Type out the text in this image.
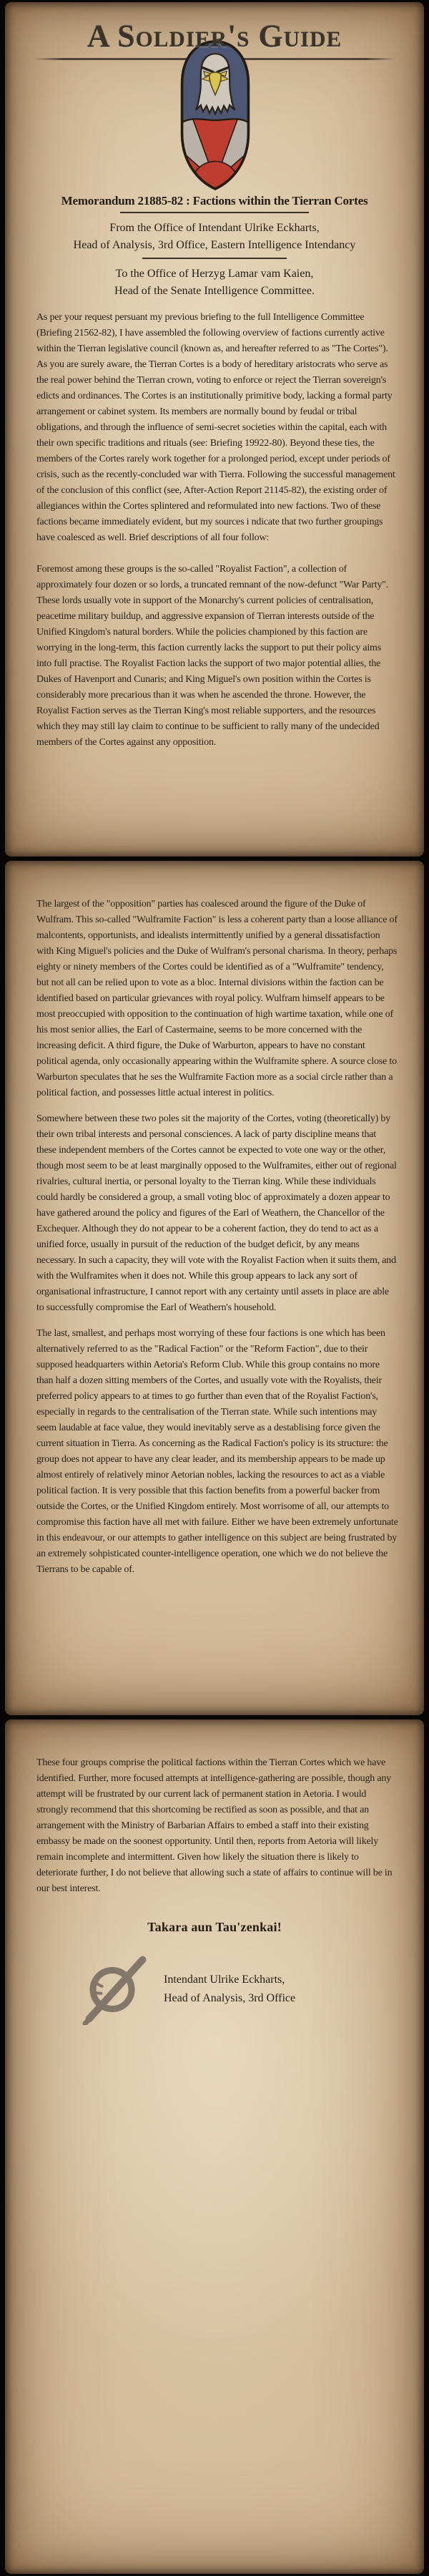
A Soldier's Guide
Memorandum 21885-82 : Factions within the Tierran Cortes
From the Office of Intendant Ulrike Eckharts,
Head of Analysis, 3rd Office, Eastern Intelligence Intendancy
To the Office of Herzyg Lamar vam Kaien,
Head of the Senate Intelligence Committee.

As per your request persuant my previous briefing to the full Intelligence Committee (Briefing 21562-82), I have assembled the following overview of factions currently active within the Tierran legislative council (known as, and hereafter referred to as "The Cortes"). As you are surely aware, the Tierran Cortes is a body of hereditary aristocrats who serve as the real power behind the Tierran crown, voting to enforce or reject the Tierran sovereign's edicts and ordinances. The Cortes is an institutionally primitive body, lacking a formal party arrangement or cabinet system. Its members are normally bound by feudal or tribal obligations, and through the influence of semi-secret societies within the capital, each with their own specific traditions and rituals (see: Briefing 19922-80). Beyond these ties, the members of the Cortes rarely work together for a prolonged period, except under periods of crisis, such as the recently-concluded war with Tierra. Following the successful management of the conclusion of this conflict (see, After-Action Report 21145-82), the existing order of allegiances within the Cortes splintered and reformulated into new factions. Two of these factions became immediately evident, but my sources i ndicate that two further groupings have coalesced as well. Brief descriptions of all four follow:

Foremost among these groups is the so-called "Royalist Faction", a collection of approximately four dozen or so lords, a truncated remnant of the now-defunct "War Party". These lords usually vote in support of the Monarchy's current policies of centralisation, peacetime military buildup, and aggressive expansion of Tierran interests outside of the Unified Kingdom's natural borders. While the policies championed by this faction are worrying in the long-term, this faction currently lacks the support to put their policy aims into full practise. The Royalist Faction lacks the support of two major potential allies, the Dukes of Havenport and Cunaris; and King Miguel's own position within the Cortes is considerably more precarious than it was when he ascended the throne. However, the Royalist Faction serves as the Tierran King's most reliable supporters, and the resources which they may still lay claim to continue to be sufficient to rally many of the undecided members of the Cortes against any opposition.

The largest of the "opposition" parties has coalesced around the figure of the Duke of Wulfram. This so-called "Wulframite Faction" is less a coherent party than a loose alliance of malcontents, opportunists, and idealists intermittently unified by a general dissatisfaction with King Miguel's policies and the Duke of Wulfram's personal charisma. In theory, perhaps eighty or ninety members of the Cortes could be identified as of a "Wulframite" tendency, but not all can be relied upon to vote as a bloc. Internal divisions within the faction can be identified based on particular grievances with royal policy. Wulfram himself appears to be most preoccupied with opposition to the continuation of high wartime taxation, while one of his most senior allies, the Earl of Castermaine, seems to be more concerned with the increasing deficit. A third figure, the Duke of Warburton, appears to have no constant political agenda, only occasionally appearing within the Wulframite sphere. A source close to Warburton speculates that he ses the Wulframite Faction more as a social circle rather than a political faction, and possesses little actual interest in politics.

Somewhere between these two poles sit the majority of the Cortes, voting (theoretically) by their own tribal interests and personal consciences. A lack of party discipline means that these independent members of the Cortes cannot be expected to vote one way or the other, though most seem to be at least marginally opposed to the Wulframites, either out of regional rivalries, cultural inertia, or personal loyalty to the Tierran king. While these individuals could hardly be considered a group, a small voting bloc of approximately a dozen appear to have gathered around the policy and figures of the Earl of Weathern, the Chancellor of the Exchequer. Although they do not appear to be a coherent faction, they do tend to act as a unified force, usually in pursuit of the reduction of the budget deficit, by any means necessary. In such a capacity, they will vote with the Royalist Faction when it suits them, and with the Wulframites when it does not. While this group appears to lack any sort of organisational infrastructure, I cannot report with any certainty until assets in place are able to successfully compromise the Earl of Weathern's household.

The last, smallest, and perhaps most worrying of these four factions is one which has been alternatively referred to as the "Radical Faction" or the "Reform Faction", due to their supposed headquarters within Aetoria's Reform Club. While this group contains no more than half a dozen sitting members of the Cortes, and usually vote with the Royalists, their preferred policy appears to at times to go further than even that of the Royalist Faction's, especially in regards to the centralisation of the Tierran state. While such intentions may seem laudable at face value, they would inevitably serve as a destablising force given the current situation in Tierra. As concerning as the Radical Faction's policy is its structure: the group does not appear to have any clear leader, and its membership appears to be made up almost entirely of relatively minor Aetorian nobles, lacking the resources to act as a viable political faction. It is very possible that this faction benefits from a powerful backer from outside the Cortes, or the Unified Kingdom entirely. Most worrisome of all, our attempts to compromise this faction have all met with failure. Either we have been extremely unfortunate in this endeavour, or our attempts to gather intelligence on this subject are being frustrated by an extremely sohpisticated counter-intelligence operation, one which we do not believe the Tierrans to be capable of.

These four groups comprise the political factions within the Tierran Cortes which we have identified. Further, more focused attempts at intelligence-gathering are possible, though any attempt will be frustrated by our current lack of permanent station in Aetoria. I would strongly recommend that this shortcoming be rectified as soon as possible, and that an arrangement with the Ministry of Barbarian Affairs to embed a staff into their existing embassy be made on the soonest opportunity. Until then, reports from Aetoria will likely remain incomplete and intermittent. Given how likely the situation there is likely to deteriorate further, I do not believe that allowing such a state of affairs to continue will be in our best interest.

Takara aun Tau'zenkai!
Intendant Ulrike Eckharts,
Head of Analysis, 3rd Office
